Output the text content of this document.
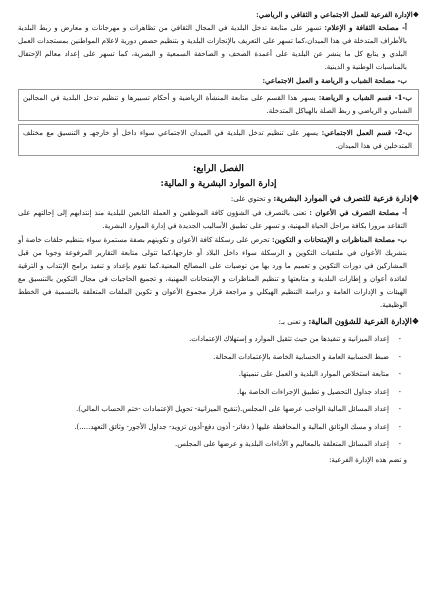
❖الإدارة الفرعية للعمل الاجتماعي و الثقافي و الرياضي:

أ- مصلحة الثقافة و الإعلام: تسهر على متابعة تدخل البلدية في المجال الثقافي من تظاهرات و مهرجانات و معارض و ربط البلدية بالأطراف المتدخلة في هذا الميدان،كما تسهر على التعريف بالإنجازات البلدية و بتنظيم حصص دورية لاعلام المواطنين بمستجدات العمل البلدي و يتابع كل ما ينشر عن البلدية على أعمدة الصحف و الصاحفة السمعية و البصرية، كما تسهر على إعداد معالم الإحتفال بالمناسبات الوطنية و الدينية.

ب- مصلحة الشباب و الرياضة و العمل الاجتماعي:

ب-1- قسم الشباب و الرياضة: يسهر هذا القسم على متابعة المنشأة الرياضية و أحكام تسييرها و تنظيم تدخل البلدية في المجالين الشبابي و الرياضي و ربط الصلة بالهياكل المتدخلة.

ب-2- قسم العمل الاجتماعي: يسهر على تنظيم تدخل البلدية في الميدان الاجتماعي سواء داخل أو خارجهـ و التنسيق مع مختلف المتدخلين في هذا الميدان.

الفصل الرابع:

إدارة الموارد البشرية و المالية:

❖إدارة فرعية للتصرف في الموارد البشرية: و تحتوي على:

أ- مصلحة التصرف في الأعوان : تعنى بالتصرف في الشؤون كافة الموظفين و العملة التابعين للبلدية منذ إنتدابهم إلى إحالتهم على التقاعد مرورا بكافة مراحل الحياة المهنية، و تسهر على تطبيق الأساليب الجديدة في إدارة الموارد البشرية.

ب- مصلحة المناظرات و الإمتحانات و التكوين: تحرص على رسكلة كافة الأعوان و تكوينهم بصفة مستمرة سواء بتنظيم حلقات خاصة أو بتشريك الأعوان في ملتقيات التكوين و الرسكلة سواء داخل البلاد أو خارجها،كما تتولى متابعة التقارير المرفوعة وجوبا من قبل المشاركين في دورات التكوين و تعميم ما ورد بها من توصيات على المصالح المعنية.كما تقوم بإعداد و تنفيذ برامج الإنتداب و الترقية لفائدة أعوان و إطارات البلدية و متابعتها و تنظيم المناظرات و الإمتحانات المهنية، و تجميع الحاجيات في مجال التكوين بالتنسيق مع الهيئات و الإدارات العامة و دراسة التنظيم الهيكلي و مراجعة قرار مجموع الأعوان و تكوين الملفات المتعلقة بالتسمية في الخطط الوظيفية.

❖الإدارة الفرعية للشؤون المالية: و تعنى بـ:

- إعداد الميزانية و تنفيذها من حيث تثقيل الموارد و إستهلاك الإعتمادات.
- ضبط الحسابية العامة و الحسابية الخاصة بالإعتمادات المحالة.
- متابعة استخلاص الموارد البلدية و العمل على تنميتها.
- إعداد جداول التحصيل و تطبيق الإجراءات الخاصة بها.
- إعداد المسائل المالية الواجب عرضها على المجلس.(تنقيح الميزانية- تحويل الإعتمادات -ختم الحساب المالي).
- إعداد و مسك الوثائق المالية و المحافظة عليها ( دفاتر- أذون دفع-أذون تزويد- جداول الأجور- وثائق التعهد.....).
- إعداد المسائل المتعلقة بالمعاليم و الأداءات البلدية و عرضها على المجلس.

و تضم هذه الإدارة الفرعية:
